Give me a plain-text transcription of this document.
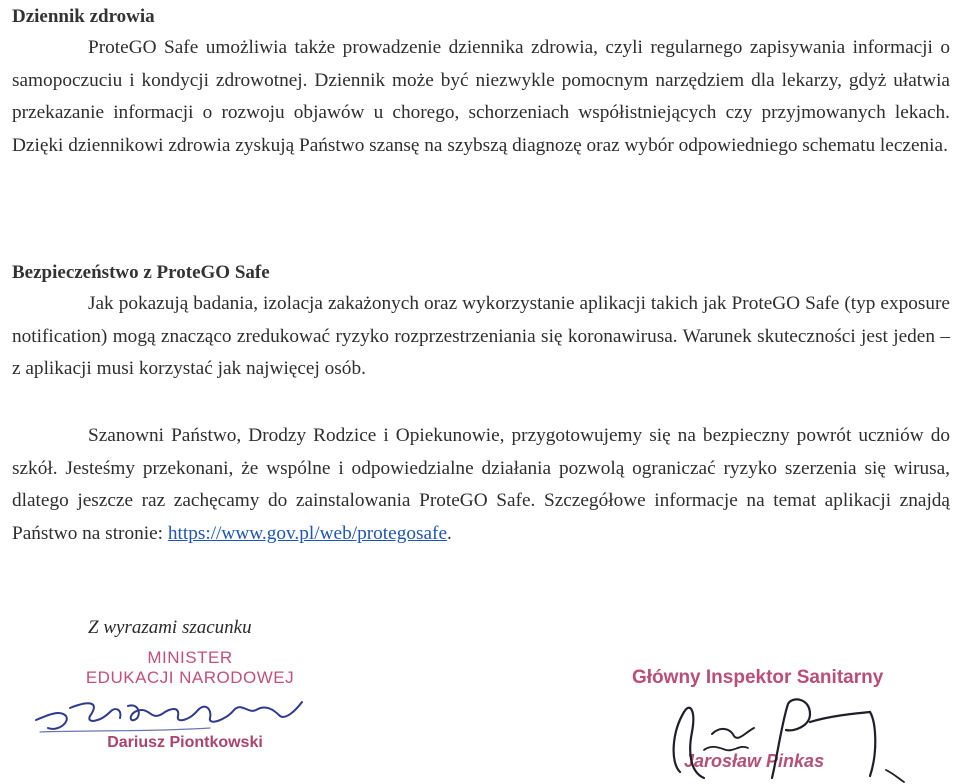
Dziennik zdrowia

ProteGO Safe umożliwia także prowadzenie dziennika zdrowia, czyli regularnego zapisywania informacji o samopoczuciu i kondycji zdrowotnej. Dziennik może być niezwykle pomocnym narzędziem dla lekarzy, gdyż ułatwia przekazanie informacji o rozwoju objawów u chorego, schorzeniach współistniejących czy przyjmowanych lekach. Dzięki dziennikowi zdrowia zyskują Państwo szansę na szybszą diagnozę oraz wybór odpowiedniego schematu leczenia.

Bezpieczeństwo z ProteGO Safe

Jak pokazują badania, izolacja zakażonych oraz wykorzystanie aplikacji takich jak ProteGO Safe (typ exposure notification) mogą znacząco zredukować ryzyko rozprzestrzeniania się koronawirusa. Warunek skuteczności jest jeden – z aplikacji musi korzystać jak najwięcej osób.

Szanowni Państwo, Drodzy Rodzice i Opiekunowie, przygotowujemy się na bezpieczny powrót uczniów do szkół. Jesteśmy przekonani, że wspólne i odpowiedzialne działania pozwolą ograniczać ryzyko szerzenia się wirusa, dlatego jeszcze raz zachęcamy do zainstalowania ProteGO Safe. Szczegółowe informacje na temat aplikacji znajdą Państwo na stronie: https://www.gov.pl/web/protegosafe.

Z wyrazami szacunku
MINISTER
EDUKACJI NARODOWEJ
Dariusz Piontkowski
Główny Inspektor Sanitarny
Jarosław Pinkas
